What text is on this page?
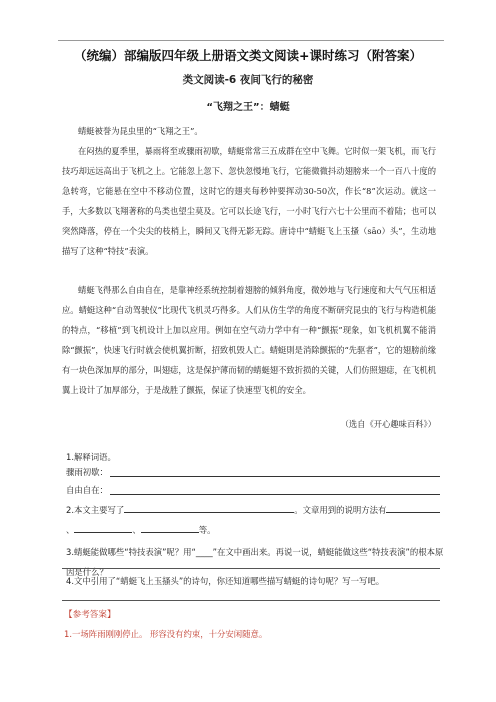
（统编）部编版四年级上册语文类文阅读+课时练习（附答案）
类文阅读-6 夜间飞行的秘密
“飞翔之王”：蜻蜓
蜻蜓被誉为昆虫里的“飞翔之王”。
在闷热的夏季里，暴雨将至或骤雨初歇，蜻蜓常常三五成群在空中飞舞。它时似一架飞机，而飞行技巧却远远高出于飞机之上。它能忽上忽下、忽快忽慢地飞行，它能微微抖动翅膀来一个一百八十度的急转弯，它能悬在空中不移动位置，这时它的翅夹每秒钟要挥动30-50次，作长“8”次运动。就这一手，大多数以飞翔著称的鸟类也望尘莫及。它可以长途飞行，一小时飞行六七十公里而不着陆；也可以突然降落，停在一个尖尖的枝梢上，瞬间又飞得无影无踪。唐诗中“蜻蜓飞上玉搔（sāo）头”，生动地描写了这种“特技”表演。
蜻蜓飞得那么自由自在，是靠神经系统控制着翅膀的倾斜角度，微妙地与飞行速度和大气气压相适应。蜻蜓这种“自动驾驶仪”比现代飞机灵巧得多。人们从仿生学的角度不断研究昆虫的飞行与构造机能的特点，“移植”到飞机设计上加以应用。例如在空气动力学中有一种“颤振”现象，如飞机机翼不能消除“颤振”，快速飞行时就会使机翼折断，招致机毁人亡。蜻蜓則是消除颤振的“先驱者”，它的翅膀前缘有一块色深加厚的部分，叫翅痣，这是保护薄而韧的蜻蜓翅不致折损的关键，人们仿照翅痣，在飞机机翼上设计了加厚部分，于是战胜了颤振，保证了快速型飞机的安全。
（选自《开心趣味百科》）
1.解释词语。
骤雨初歇：
自由自在：
2.本文主要写了	。文章用到的说明方法有、	、	等。
3.蜻蜓能做哪些“特技表演”呢？用“____”在文中画出来。再说一说，蜻蜓能做这些“特技表演”的根本原因是什么？
4.文中引用了“蜻蜓飞上玉搔头”的诗句，你还知道哪些描写蜻蜓的诗句呢？写一写吧。
【参考答案】
1.一场阵雨刚刚停止。 形容没有约束，十分安闲随意。
